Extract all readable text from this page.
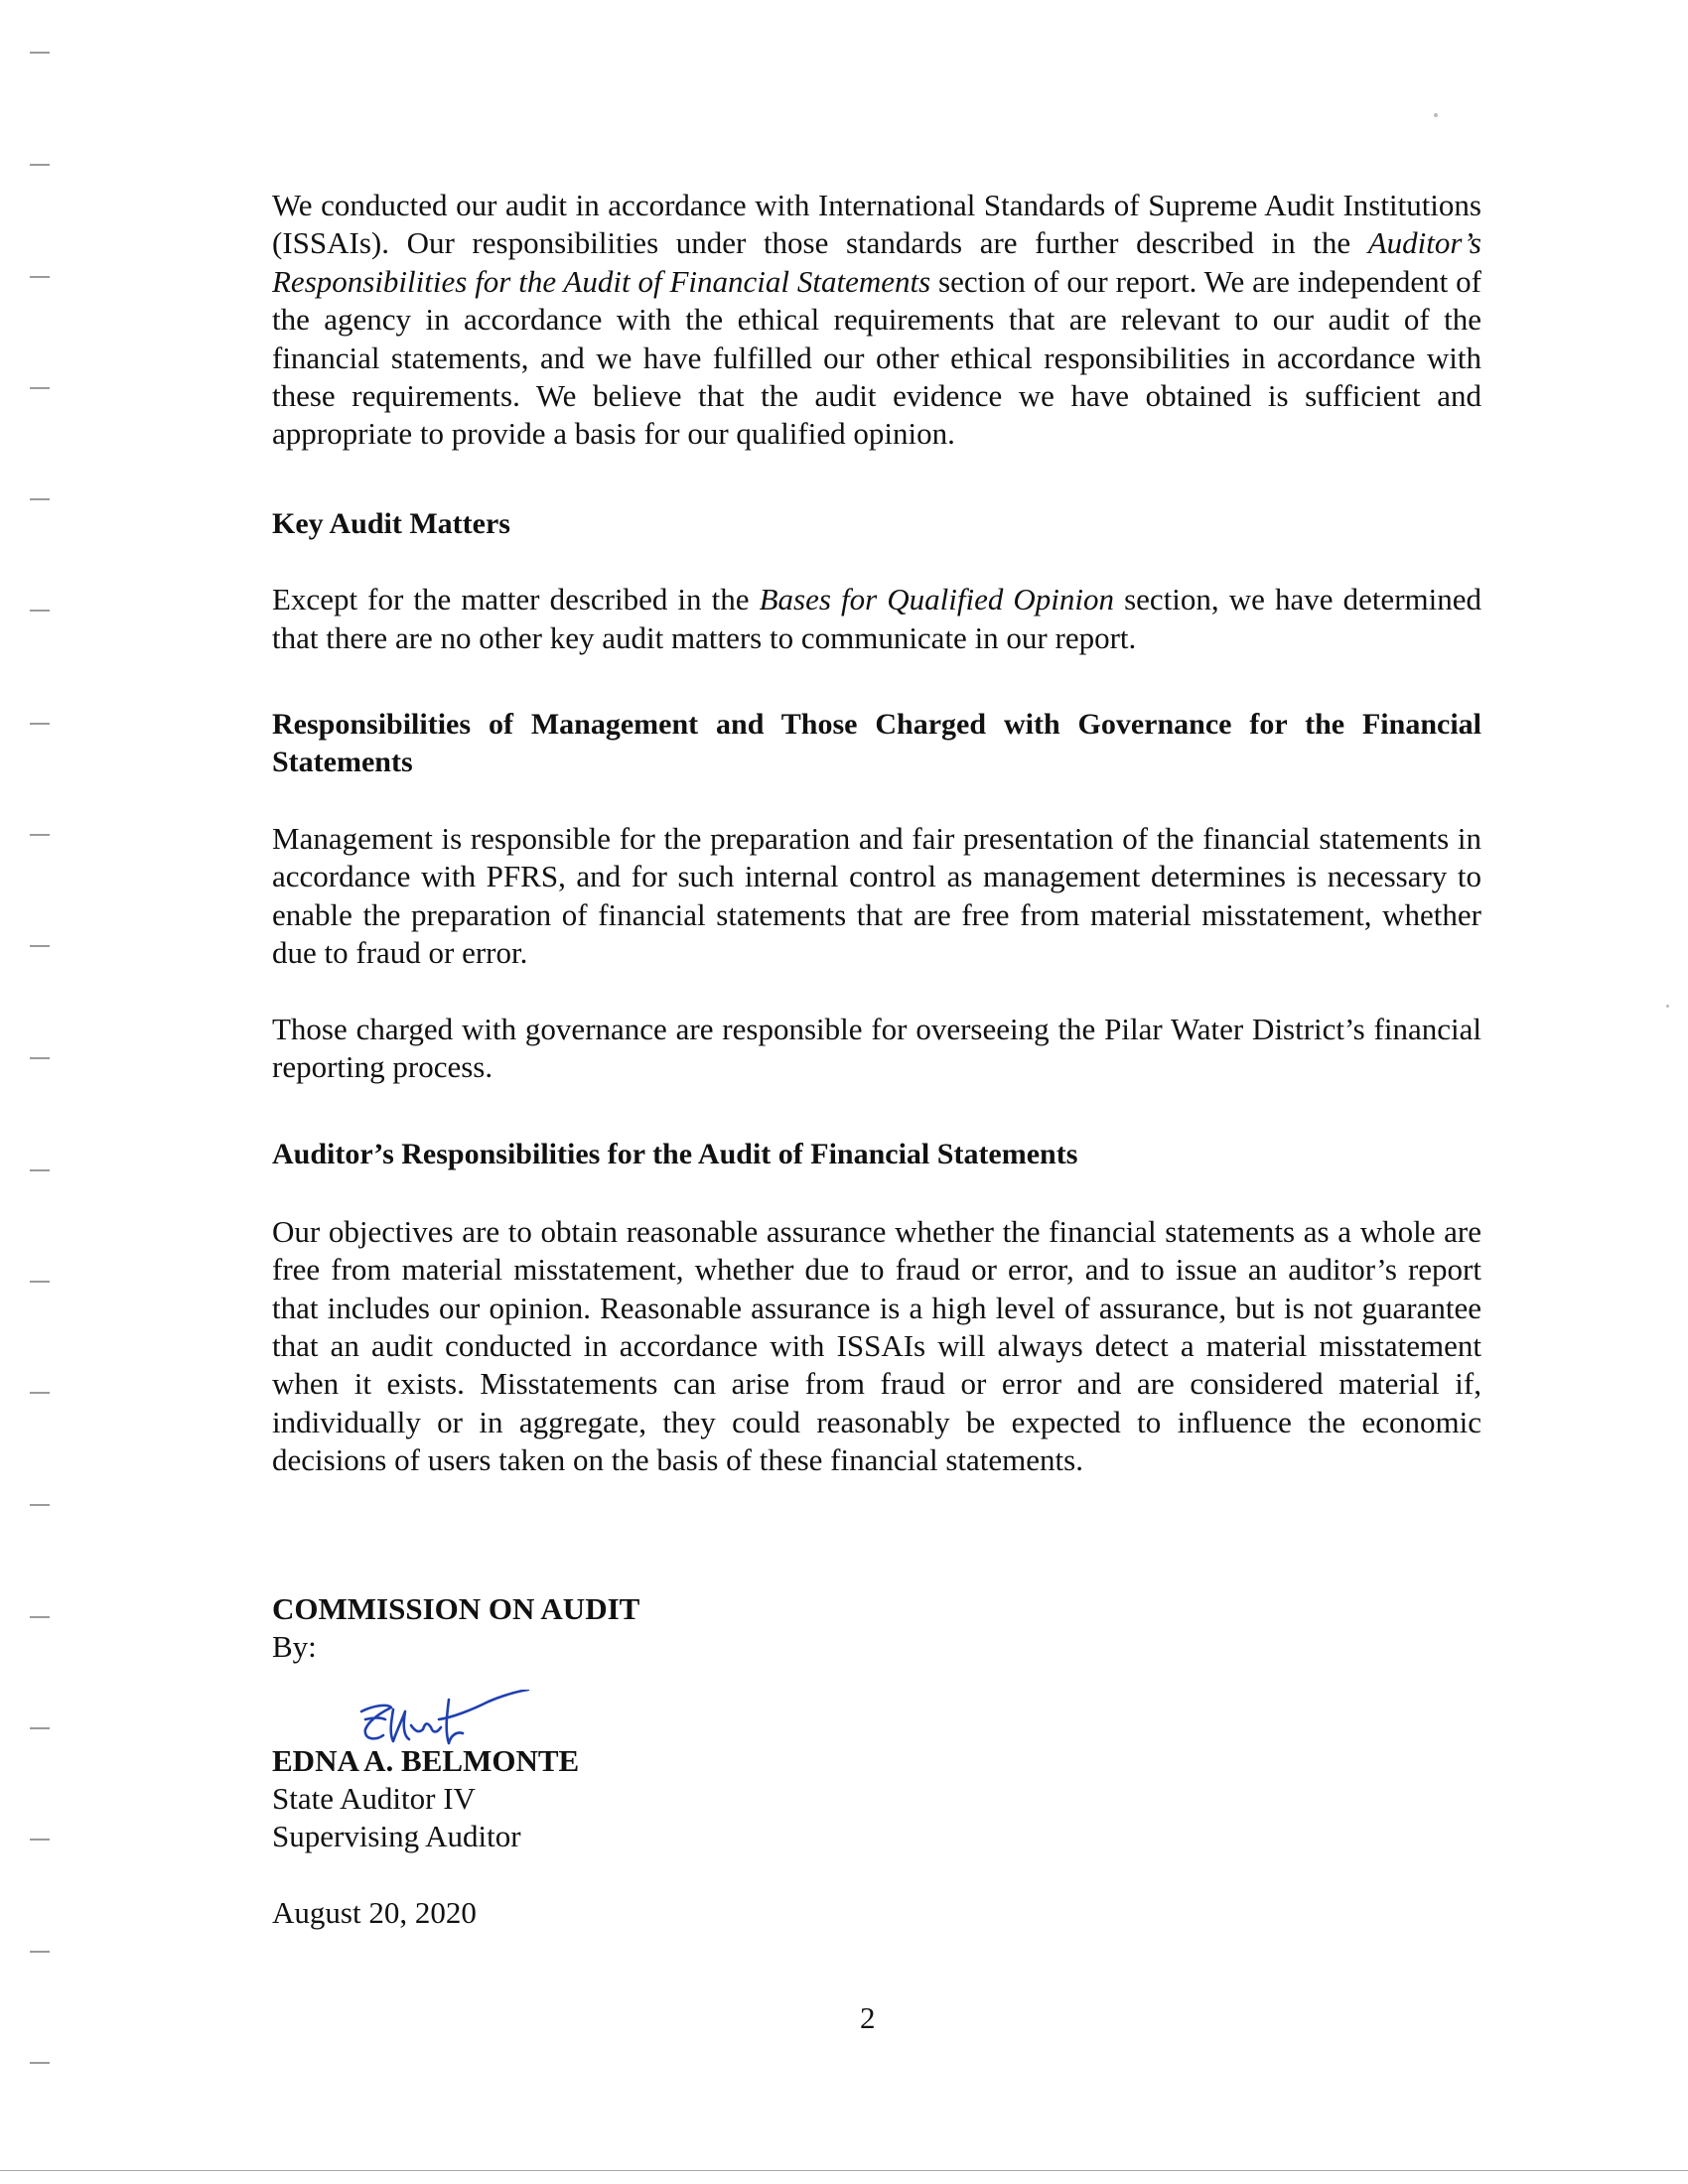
We conducted our audit in accordance with International Standards of Supreme Audit Institutions (ISSAIs). Our responsibilities under those standards are further described in the Auditor’s Responsibilities for the Audit of Financial Statements section of our report. We are independent of the agency in accordance with the ethical requirements that are relevant to our audit of the financial statements, and we have fulfilled our other ethical responsibilities in accordance with these requirements. We believe that the audit evidence we have obtained is sufficient and appropriate to provide a basis for our qualified opinion.

Key Audit Matters

Except for the matter described in the Bases for Qualified Opinion section, we have determined that there are no other key audit matters to communicate in our report.

Responsibilities of Management and Those Charged with Governance for the Financial Statements

Management is responsible for the preparation and fair presentation of the financial statements in accordance with PFRS, and for such internal control as management determines is necessary to enable the preparation of financial statements that are free from material misstatement, whether due to fraud or error.

Those charged with governance are responsible for overseeing the Pilar Water District’s financial reporting process.

Auditor’s Responsibilities for the Audit of Financial Statements

Our objectives are to obtain reasonable assurance whether the financial statements as a whole are free from material misstatement, whether due to fraud or error, and to issue an auditor’s report that includes our opinion. Reasonable assurance is a high level of assurance, but is not guarantee that an audit conducted in accordance with ISSAIs will always detect a material misstatement when it exists. Misstatements can arise from fraud or error and are considered material if, individually or in aggregate, they could reasonably be expected to influence the economic decisions of users taken on the basis of these financial statements.

COMMISSION ON AUDIT

By:

EDNA A. BELMONTE

State Auditor IV

Supervising Auditor

August 20, 2020

2
